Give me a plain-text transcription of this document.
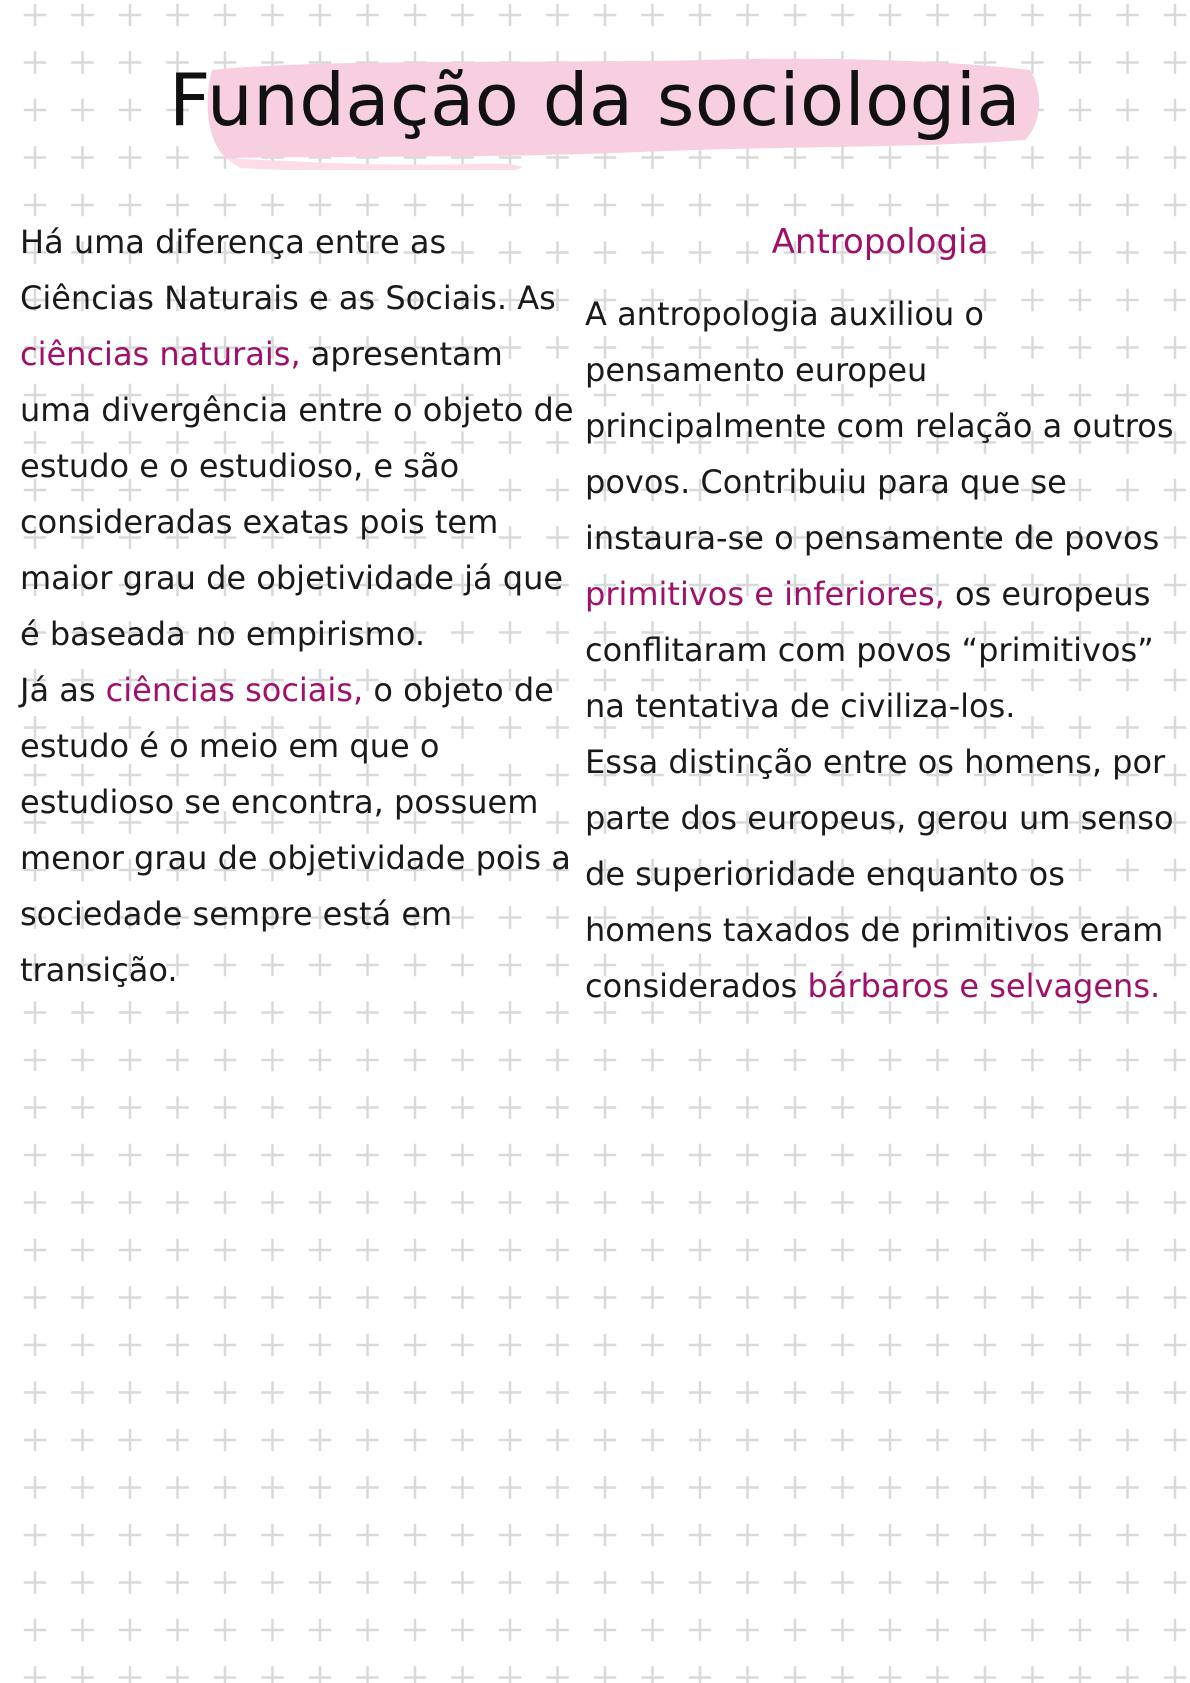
Fundação da sociologia

Há uma diferença entre as Ciências Naturais e as Sociais. As ciências naturais, apresentam uma divergência entre o objeto de estudo e o estudioso, e são consideradas exatas pois tem maior grau de objetividade já que é baseada no empirismo.

Já as ciências sociais, o objeto de estudo é o meio em que o estudioso se encontra, possuem menor grau de objetividade pois a sociedade sempre está em transição.

Antropologia

A antropologia auxiliou o pensamento europeu principalmente com relação a outros povos. Contribuiu para que se instaura-se o pensamente de povos primitivos e inferiores, os europeus conflitaram com povos “primitivos” na tentativa de civiliza-los.

Essa distinção entre os homens, por parte dos europeus, gerou um senso de superioridade enquanto os homens taxados de primitivos eram considerados bárbaros e selvagens.
